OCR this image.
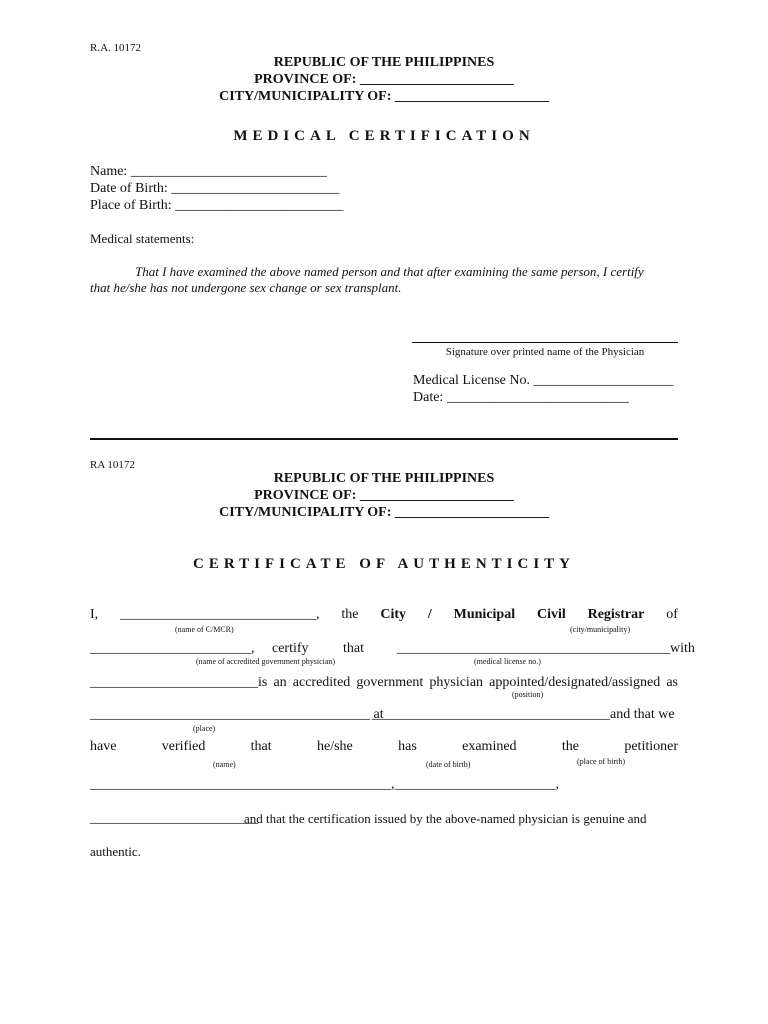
R.A. 10172
REPUBLIC OF THE PHILIPPINES
PROVINCE OF: ______________________
CITY/MUNICIPALITY OF: ______________________
MEDICAL CERTIFICATION
Name: ____________________________
Date of Birth: ________________________
Place of Birth: ________________________
Medical statements:
That I have examined the above named person and that after examining the same person, I certify
that he/she has not undergone sex change or sex transplant.
Signature over printed name of the Physician
Medical License No. ____________________
Date: __________________________
RA 10172
REPUBLIC OF THE PHILIPPINES
PROVINCE OF: ______________________
CITY/MUNICIPALITY OF: ______________________
CERTIFICATE OF AUTHENTICITY
I, ____________________________, the City / Municipal Civil Registrar of
(name of C/MCR)	(city/municipality)
_______________________, certify that _______________________________________with
(name of accredited government physician)	(medical license no.)
________________________is an accredited government physician appointed/designated/assigned as
(position)
________________________________________ at
__________________________________ and that we
(place)
have	verified	that	he/she	has	examined	the	petitioner
(name)	(date of birth)	(place of birth)
___________________________________________,_______________________,
________________________
and that the certification issued by the above-named physician is genuine and
authentic.
